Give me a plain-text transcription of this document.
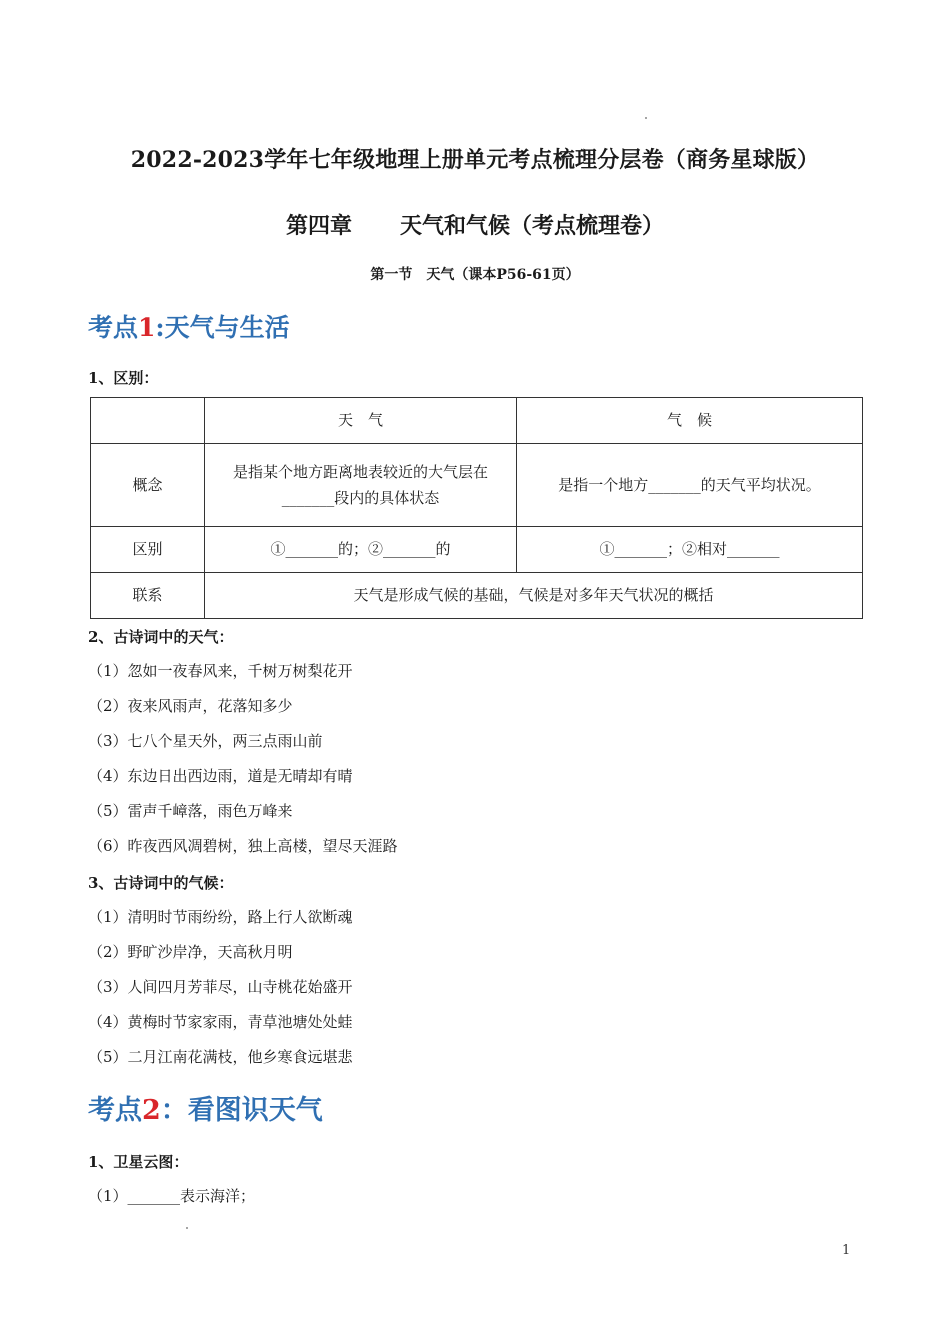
2022-2023学年七年级地理上册单元考点梳理分层卷（商务星球版）
第四章 天气和气候（考点梳理卷）
第一节 天气（课本P56-61页）
考点1:天气与生活
1、区别：
	天　气	气　候
概念	是指某个地方距离地表较近的大气层在_______段内的具体状态	是指一个地方_______的天气平均状况。
区别	①_______的；②_______的	①_______；②相对_______
联系	天气是形成气候的基础，气候是对多年天气状况的概括	
2、古诗词中的天气：
（1）忽如一夜春风来，千树万树梨花开
（2）夜来风雨声，花落知多少
（3）七八个星天外，两三点雨山前
（4）东边日出西边雨，道是无晴却有晴
（5）雷声千嶂落，雨色万峰来
（6）昨夜西风凋碧树，独上高楼，望尽天涯路
3、古诗词中的气候：
（1）清明时节雨纷纷，路上行人欲断魂
（2）野旷沙岸净，天高秋月明
（3）人间四月芳菲尽，山寺桃花始盛开
（4）黄梅时节家家雨，青草池塘处处蛙
（5）二月江南花满枝，他乡寒食远堪悲
考点2：看图识天气
1、卫星云图：
（1）_______表示海洋；
1
